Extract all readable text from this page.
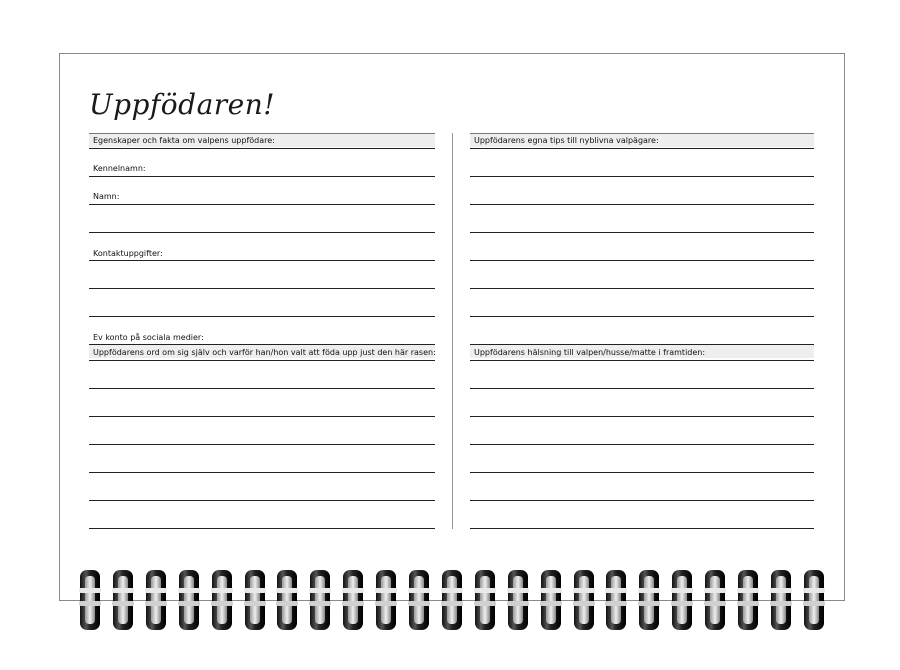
Uppfödaren!
Egenskaper och fakta om valpens uppfödare:
Kennelnamn:
Namn:
Kontaktuppgifter:
Ev konto på sociala medier:
Uppfödarens ord om sig själv och varför han/hon valt att föda upp just den här rasen:
Uppfödarens egna tips till nyblivna valpägare:
Uppfödarens hälsning till valpen/husse/matte i framtiden:
